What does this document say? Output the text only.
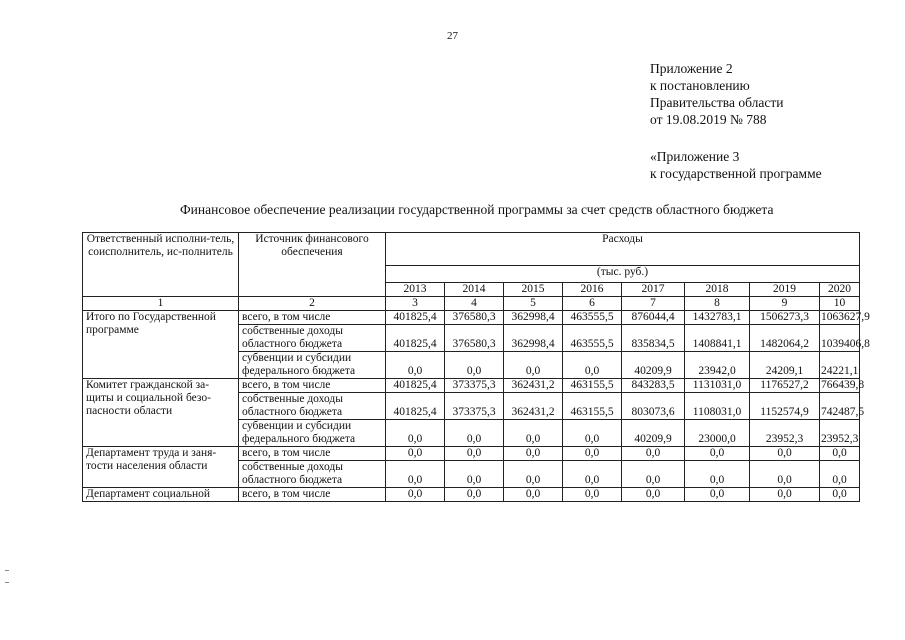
27
Приложение 2
к постановлению
Правительства области
от 19.08.2019 № 788
«Приложение 3
к государственной программе
Финансовое обеспечение реализации государственной программы за счет средств областного бюджета
Ответственный исполни-тель, соисполнитель, ис-полнитель	Источник финансового обеспечения	Расходы							
		(тыс. руб.)							
		2013	2014	2015	2016	2017	2018	2019	2020
1	2	3	4	5	6	7	8	9	10
Итого по Государственной программе	всего, в том числе	401825,4	376580,3	362998,4	463555,5	876044,4	1432783,1	1506273,3	1063627,9
	собственные доходы областного бюджета	401825,4	376580,3	362998,4	463555,5	835834,5	1408841,1	1482064,2	1039406,8
	субвенции и субсидии федерального бюджета	0,0	0,0	0,0	0,0	40209,9	23942,0	24209,1	24221,1
Комитет гражданской за-щиты и социальной безо-пасности области	всего, в том числе	401825,4	373375,3	362431,2	463155,5	843283,5	1131031,0	1176527,2	766439,8
	собственные доходы областного бюджета	401825,4	373375,3	362431,2	463155,5	803073,6	1108031,0	1152574,9	742487,5
	субвенции и субсидии федерального бюджета	0,0	0,0	0,0	0,0	40209,9	23000,0	23952,3	23952,3
Департамент труда и заня-тости населения области	всего, в том числе	0,0	0,0	0,0	0,0	0,0	0,0	0,0	0,0
	собственные доходы областного бюджета	0,0	0,0	0,0	0,0	0,0	0,0	0,0	0,0
Департамент социальной	всего, в том числе	0,0	0,0	0,0	0,0	0,0	0,0	0,0	0,0
